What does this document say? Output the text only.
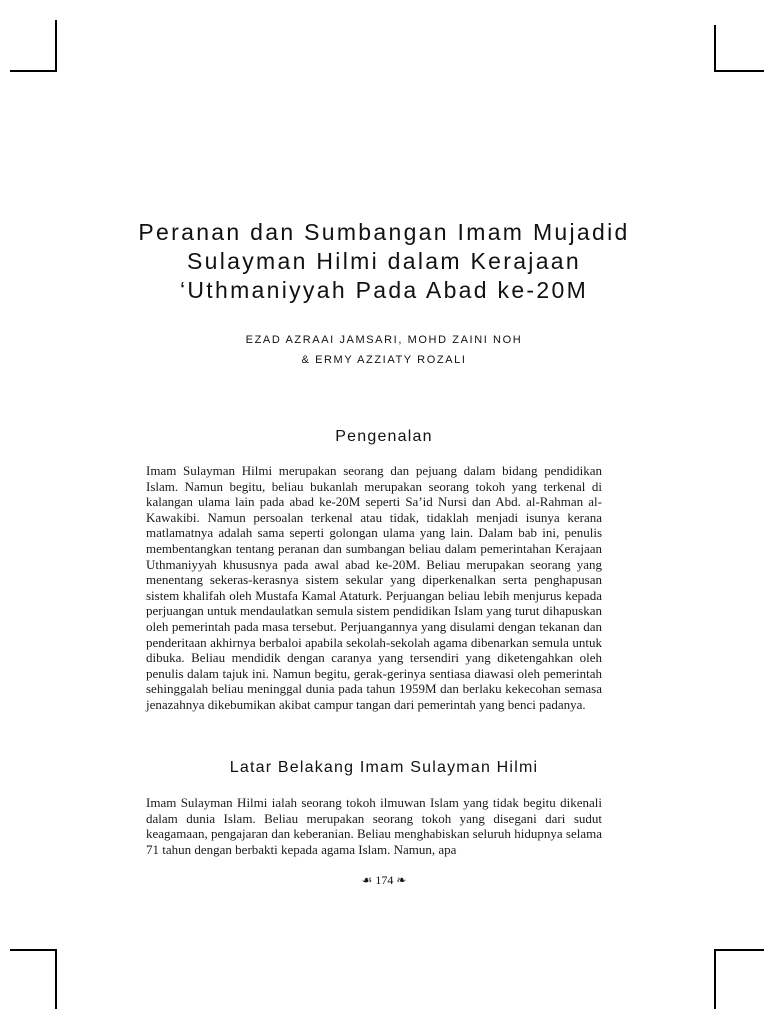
Peranan dan Sumbangan Imam Mujadid
Sulayman Hilmi dalam Kerajaan
‘Uthmaniyyah Pada Abad ke-20M
EZAD AZRAAI JAMSARI, MOHD ZAINI NOH
& ERMY AZZIATY ROZALI
Pengenalan

Imam Sulayman Hilmi merupakan seorang dan pejuang dalam bidang pendidikan Islam. Namun begitu, beliau bukanlah merupakan seorang tokoh yang terkenal di kalangan ulama lain pada abad ke-20M seperti Sa’id Nursi dan Abd. al-Rahman al-Kawakibi. Namun persoalan terkenal atau tidak, tidaklah menjadi isunya kerana matlamatnya adalah sama seperti golongan ulama yang lain. Dalam bab ini, penulis membentangkan tentang peranan dan sumbangan beliau dalam pemerintahan Kerajaan Uthmaniyyah khususnya pada awal abad ke-20M. Beliau merupakan seorang yang menentang sekeras-kerasnya sistem sekular yang diperkenalkan serta penghapusan sistem khalifah oleh Mustafa Kamal Ataturk. Perjuangan beliau lebih menjurus kepada perjuangan untuk mendaulatkan semula sistem pendidikan Islam yang turut dihapuskan oleh pemerintah pada masa tersebut. Perjuangannya yang disulami dengan tekanan dan penderitaan akhirnya berbaloi apabila sekolah-sekolah agama dibenarkan semula untuk dibuka. Beliau mendidik dengan caranya yang tersendiri yang diketengahkan oleh penulis dalam tajuk ini. Namun begitu, gerak-gerinya sentiasa diawasi oleh pemerintah sehinggalah beliau meninggal dunia pada tahun 1959M dan berlaku kekecohan semasa jenazahnya dikebumikan akibat campur tangan dari pemerintah yang benci padanya.

Latar Belakang Imam Sulayman Hilmi

Imam Sulayman Hilmi ialah seorang tokoh ilmuwan Islam yang tidak begitu dikenali dalam dunia Islam. Beliau merupakan seorang tokoh yang disegani dari sudut keagamaan, pengajaran dan keberanian. Beliau menghabiskan seluruh hidupnya selama 71 tahun dengan berbakti kepada agama Islam. Namun, apa

☙ 174 ❧
